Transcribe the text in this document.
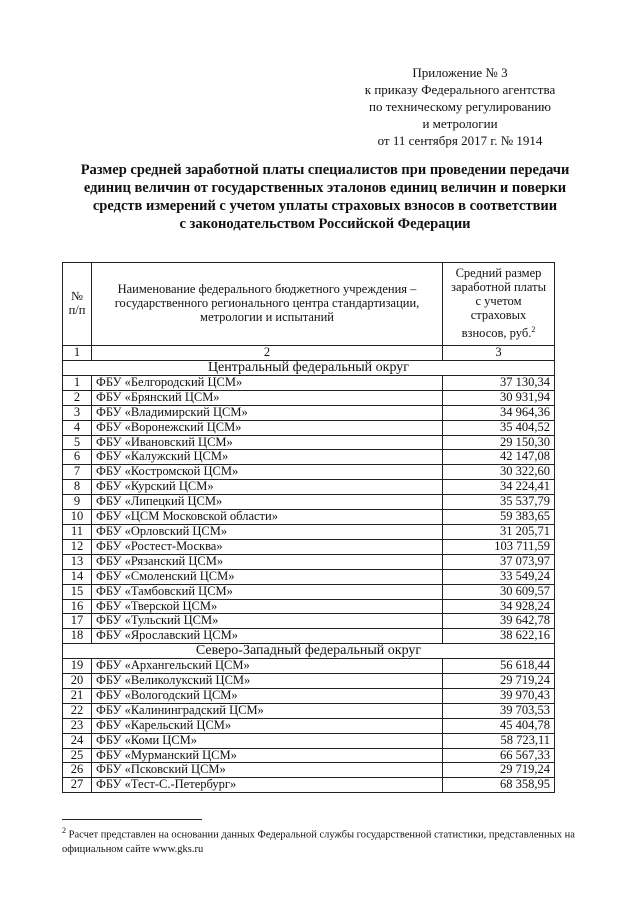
Приложение № 3
к приказу Федерального агентства
по техническому регулированию
и метрологии
от 11 сентября 2017 г. № 1914
Размер средней заработной платы специалистов при проведении передачи
единиц величин от государственных эталонов единиц величин и поверки
средств измерений с учетом уплаты страховых взносов в соответствии
с законодательством Российской Федерации
№ п/п	Наименование федерального бюджетного учреждения – государственного регионального центра стандартизации, метрологии и испытаний	Средний размер заработной платы с учетом страховых взносов, руб.$^2$
1	2	3
Центральный федеральный округ		
1	ФБУ «Белгородский ЦСМ»	37 130,34
2	ФБУ «Брянский ЦСМ»	30 931,94
3	ФБУ «Владимирский ЦСМ»	34 964,36
4	ФБУ «Воронежский ЦСМ»	35 404,52
5	ФБУ «Ивановский ЦСМ»	29 150,30
6	ФБУ «Калужский ЦСМ»	42 147,08
7	ФБУ «Костромской ЦСМ»	30 322,60
8	ФБУ «Курский ЦСМ»	34 224,41
9	ФБУ «Липецкий ЦСМ»	35 537,79
10	ФБУ «ЦСМ Московской области»	59 383,65
11	ФБУ «Орловский ЦСМ»	31 205,71
12	ФБУ «Ростест-Москва»	103 711,59
13	ФБУ «Рязанский ЦСМ»	37 073,97
14	ФБУ «Смоленский ЦСМ»	33 549,24
15	ФБУ «Тамбовский ЦСМ»	30 609,57
16	ФБУ «Тверской ЦСМ»	34 928,24
17	ФБУ «Тульский ЦСМ»	39 642,78
18	ФБУ «Ярославский ЦСМ»	38 622,16
Северо-Западный федеральный округ		
19	ФБУ «Архангельский ЦСМ»	56 618,44
20	ФБУ «Великолукский ЦСМ»	29 719,24
21	ФБУ «Вологодский ЦСМ»	39 970,43
22	ФБУ «Калининградский ЦСМ»	39 703,53
23	ФБУ «Карельский ЦСМ»	45 404,78
24	ФБУ «Коми ЦСМ»	58 723,11
25	ФБУ «Мурманский ЦСМ»	66 567,33
26	ФБУ «Псковский ЦСМ»	29 719,24
27	ФБУ «Тест-С.-Петербург»	68 358,95
$^2$ Расчет представлен на основании данных Федеральной службы государственной статистики, представленных на официальном сайте www.gks.ru
